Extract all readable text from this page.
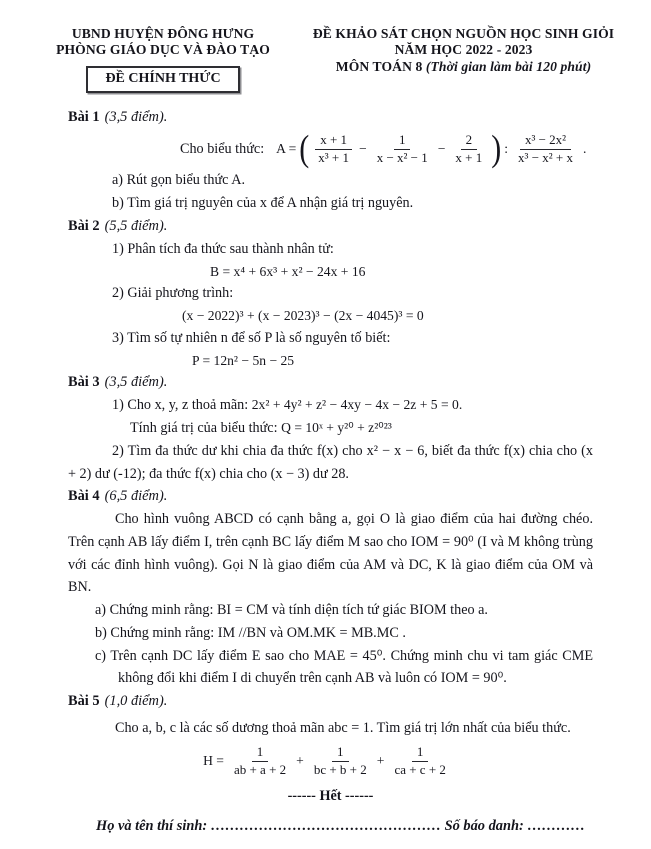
UBND HUYỆN ĐÔNG HƯNG
PHÒNG GIÁO DỤC VÀ ĐÀO TẠO
ĐỀ CHÍNH THỨC
ĐỀ KHẢO SÁT CHỌN NGUỒN HỌC SINH GIỎI
NĂM HỌC 2022 - 2023
MÔN TOÁN 8 (Thời gian làm bài 120 phút)
Bài 1 (3,5 điểm).
Cho biểu thức: A = ( $\frac{x + 1}{\text{x³ + 1}} - \frac{1}{\text{x − x² − 1}} - \frac{2}{x + 1}$ ) : $\frac{\text{x³ − 2x²}}{\text{x³ − x² + x}}$ .
a) Rút gọn biểu thức A.
b) Tìm giá trị nguyên của x để A nhận giá trị nguyên.
Bài 2 (5,5 điểm).
1) Phân tích đa thức sau thành nhân tử:
B = x⁴ + 6x³ + x² − 24x + 16
2) Giải phương trình:
(x − 2022)³ + (x − 2023)³ − (2x − 4045)³ = 0
3) Tìm số tự nhiên n để số P là số nguyên tố biết:
P = 12n² − 5n − 25
Bài 3 (3,5 điểm).
1) Cho x, y, z thoả mãn: 2x² + 4y² + z² − 4xy − 4x − 2z + 5 = 0.
Tính giá trị của biểu thức: Q = 10ˣ + y²⁰ + z²⁰²³
2) Tìm đa thức dư khi chia đa thức f(x) cho x² − x − 6, biết đa thức f(x) chia cho (x + 2) dư (-12); đa thức f(x) chia cho (x − 3) dư 28.
Bài 4 (6,5 điểm).
Cho hình vuông ABCD có cạnh bằng a, gọi O là giao điểm của hai đường chéo. Trên cạnh AB lấy điểm I, trên cạnh BC lấy điểm M sao cho IOM = 90⁰ (I và M không trùng với các đỉnh hình vuông). Gọi N là giao điểm của AM và DC, K là giao điểm của OM và BN.
a) Chứng minh rằng: BI = CM và tính diện tích tứ giác BIOM theo a.
b) Chứng minh rằng: IM //BN và OM.MK = MB.MC .
c) Trên cạnh DC lấy điểm E sao cho MAE = 45⁰. Chứng minh chu vi tam giác CME không đổi khi điểm I di chuyển trên cạnh AB và luôn có IOM = 90⁰.
Bài 5 (1,0 điểm).
Cho a, b, c là các số dương thoả mãn abc = 1. Tìm giá trị lớn nhất của biểu thức.
$H = \frac{1}{ab + a + 2} + \frac{1}{bc + b + 2} + \frac{1}{ca + c + 2}$
------ Hết ------
Họ và tên thí sinh: ………………………………………… Số báo danh: …………
